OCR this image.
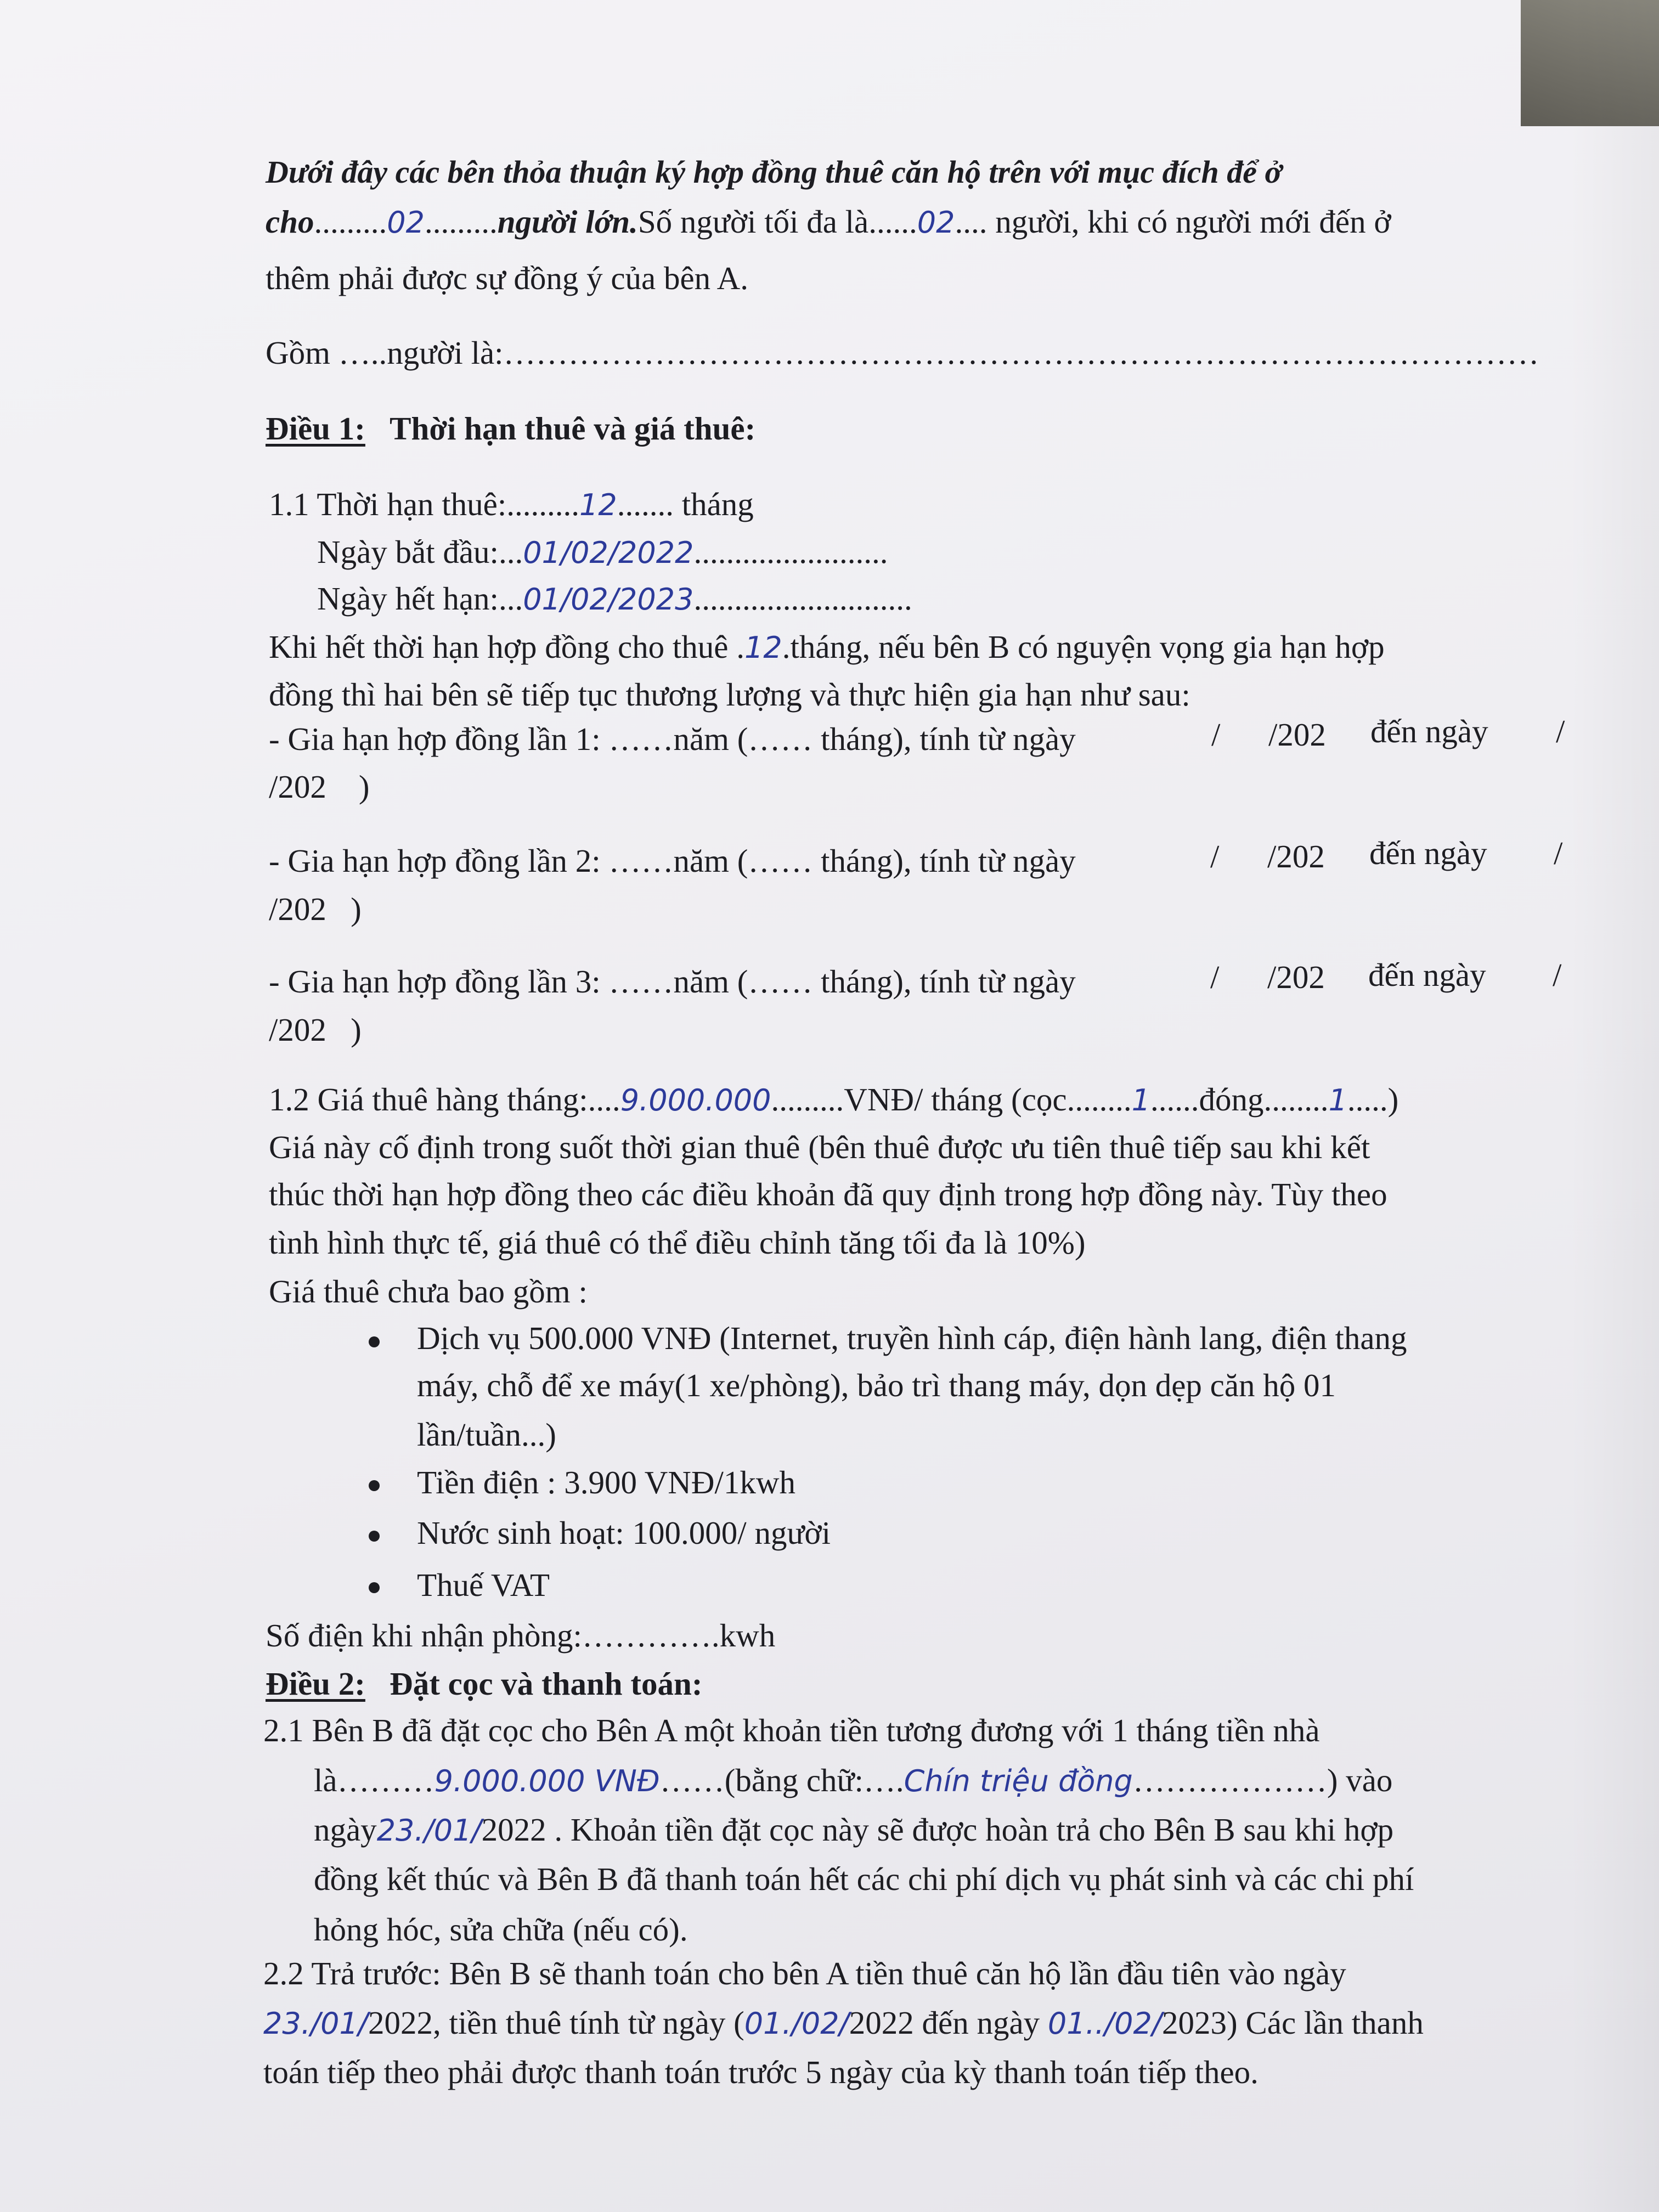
Dưới đây các bên thỏa thuận ký hợp đồng thuê căn hộ trên với mục đích để ở
cho.........02.........người lớn.Số người tối đa là......02.... người, khi có người mới đến ở
thêm phải được sự đồng ý của bên A.
Gồm …..người là:……………………………………………………………………………………
Điều 1: Thời hạn thuê và giá thuê:
1.1 Thời hạn thuê:.........12....... tháng
Ngày bắt đầu:...01/02/2022........................
Ngày hết hạn:...01/02/2023...........................
Khi hết thời hạn hợp đồng cho thuê .12.tháng, nếu bên B có nguyện vọng gia hạn hợp
đồng thì hai bên sẽ tiếp tục thương lượng và thực hiện gia hạn như sau:
- Gia hạn hợp đồng lần 1: ……năm (…… tháng), tính từ ngày	/ /202 đến ngày /
/202    )
- Gia hạn hợp đồng lần 2: ……năm (…… tháng), tính từ ngày	/ /202 đến ngày /
/202   )
- Gia hạn hợp đồng lần 3: ……năm (…… tháng), tính từ ngày	/ /202 đến ngày /
/202   )
1.2 Giá thuê hàng tháng:....9.000.000.........VNĐ/ tháng (cọc........1......đóng........1.....)
Giá này cố định trong suốt thời gian thuê (bên thuê được ưu tiên thuê tiếp sau khi kết
thúc thời hạn hợp đồng theo các điều khoản đã quy định trong hợp đồng này. Tùy theo
tình hình thực tế, giá thuê có thể điều chỉnh tăng tối đa là 10%)
Giá thuê chưa bao gồm :
Dịch vụ 500.000 VNĐ (Internet, truyền hình cáp, điện hành lang, điện thang
máy, chỗ để xe máy(1 xe/phòng), bảo trì thang máy, dọn dẹp căn hộ 01
lần/tuần...)
Tiền điện : 3.900 VNĐ/1kwh
Nước sinh hoạt: 100.000/ người
Thuế VAT
Số điện khi nhận phòng:………….kwh
Điều 2: Đặt cọc và thanh toán:
2.1 Bên B đã đặt cọc cho Bên A một khoản tiền tương đương với 1 tháng tiền nhà
là………9.000.000 VNĐ……(bằng chữ:….Chín triệu đồng………………) vào
ngày23./01/2022 . Khoản tiền đặt cọc này sẽ được hoàn trả cho Bên B sau khi hợp
đồng kết thúc và Bên B đã thanh toán hết các chi phí dịch vụ phát sinh và các chi phí
hỏng hóc, sửa chữa (nếu có).
2.2 Trả trước: Bên B sẽ thanh toán cho bên A tiền thuê căn hộ lần đầu tiên vào ngày
23./01/2022, tiền thuê tính từ ngày (01./02/2022 đến ngày 01../02/2023) Các lần thanh
toán tiếp theo phải được thanh toán trước 5 ngày của kỳ thanh toán tiếp theo.
